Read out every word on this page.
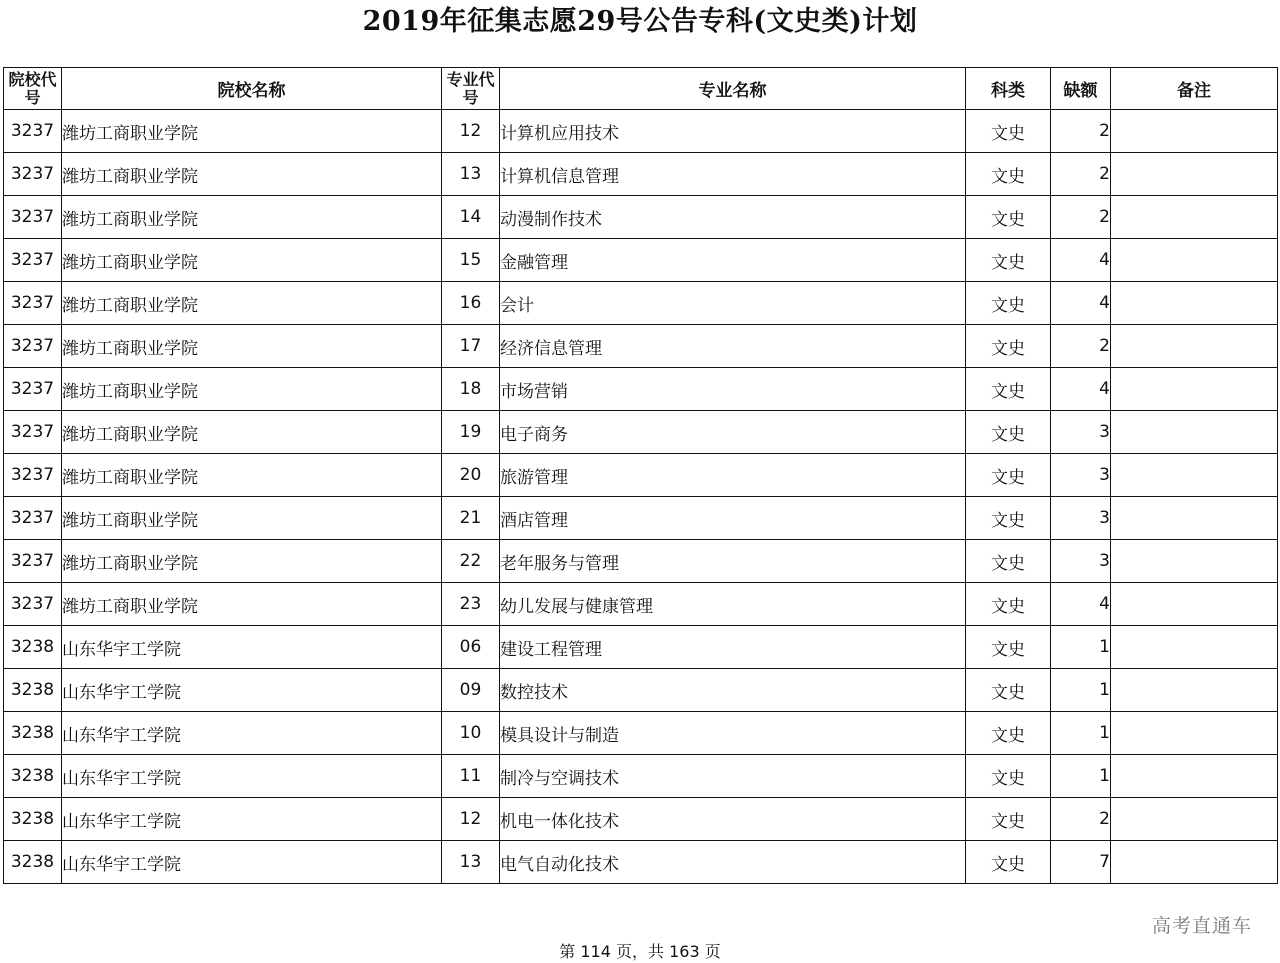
2019年征集志愿29号公告专科(文史类)计划
院校代号	院校名称	专业代号	专业名称	科类	缺额	备注
3237	潍坊工商职业学院	12	计算机应用技术	文史	2	
3237	潍坊工商职业学院	13	计算机信息管理	文史	2	
3237	潍坊工商职业学院	14	动漫制作技术	文史	2	
3237	潍坊工商职业学院	15	金融管理	文史	4	
3237	潍坊工商职业学院	16	会计	文史	4	
3237	潍坊工商职业学院	17	经济信息管理	文史	2	
3237	潍坊工商职业学院	18	市场营销	文史	4	
3237	潍坊工商职业学院	19	电子商务	文史	3	
3237	潍坊工商职业学院	20	旅游管理	文史	3	
3237	潍坊工商职业学院	21	酒店管理	文史	3	
3237	潍坊工商职业学院	22	老年服务与管理	文史	3	
3237	潍坊工商职业学院	23	幼儿发展与健康管理	文史	4	
3238	山东华宇工学院	06	建设工程管理	文史	1	
3238	山东华宇工学院	09	数控技术	文史	1	
3238	山东华宇工学院	10	模具设计与制造	文史	1	
3238	山东华宇工学院	11	制冷与空调技术	文史	1	
3238	山东华宇工学院	12	机电一体化技术	文史	2	
3238	山东华宇工学院	13	电气自动化技术	文史	7	
高考直通车
第 114 页，共 163 页
